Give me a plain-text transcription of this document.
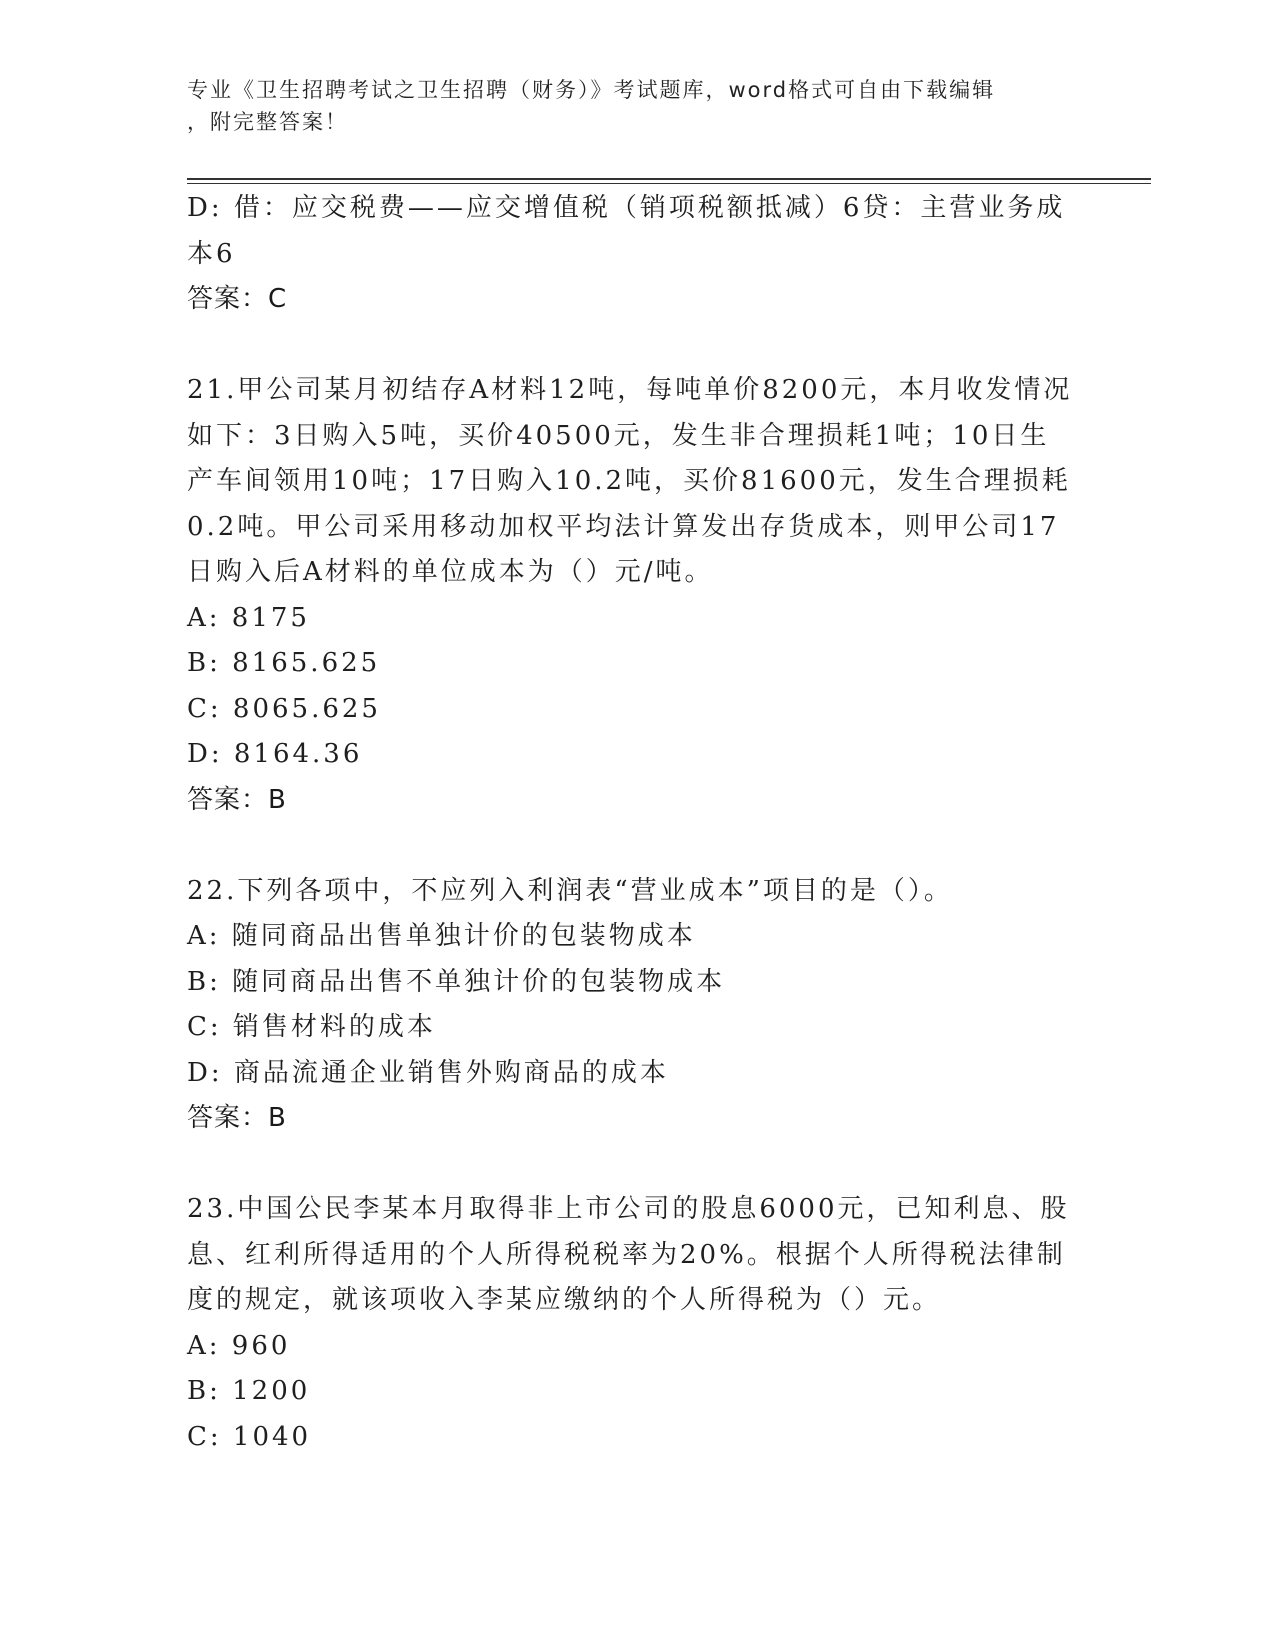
专业《卫生招聘考试之卫生招聘（财务）》考试题库，word格式可自由下载编辑
，附完整答案！

D: 借：应交税费——应交增值税（销项税额抵减）6贷：主营业务成

本6

答案：C

21.甲公司某月初结存A材料12吨，每吨单价8200元，本月收发情况

如下：3日购入5吨，买价40500元，发生非合理损耗1吨；10日生

产车间领用10吨；17日购入10.2吨，买价81600元，发生合理损耗

0.2吨。甲公司采用移动加权平均法计算发出存货成本，则甲公司17

日购入后A材料的单位成本为（）元/吨。

A: 8175

B: 8165.625

C: 8065.625

D: 8164.36

答案：B

22.下列各项中，不应列入利润表“营业成本”项目的是（）。

A: 随同商品出售单独计价的包装物成本

B: 随同商品出售不单独计价的包装物成本

C: 销售材料的成本

D: 商品流通企业销售外购商品的成本

答案：B

23.中国公民李某本月取得非上市公司的股息6000元，已知利息、股

息、红利所得适用的个人所得税税率为20%。根据个人所得税法律制

度的规定，就该项收入李某应缴纳的个人所得税为（）元。

A: 960

B: 1200

C: 1040
